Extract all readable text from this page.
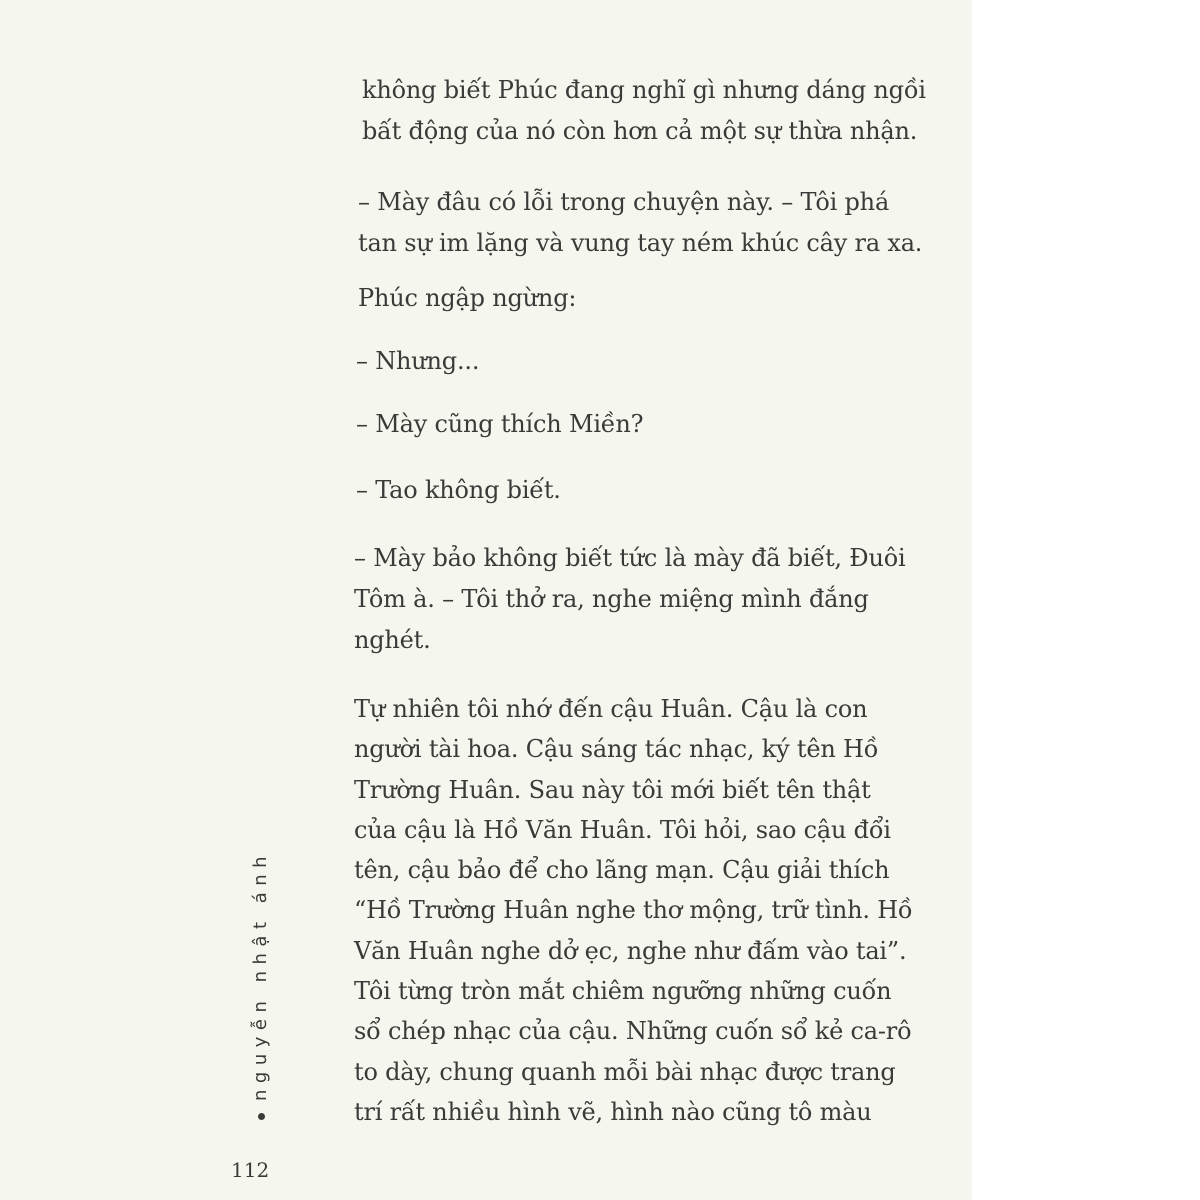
không biết Phúc đang nghĩ gì nhưng dáng ngồi
bất động của nó còn hơn cả một sự thừa nhận.

– Mày đâu có lỗi trong chuyện này. – Tôi phá
tan sự im lặng và vung tay ném khúc cây ra xa.

Phúc ngập ngừng:

– Nhưng...

– Mày cũng thích Miền?

– Tao không biết.

– Mày bảo không biết tức là mày đã biết, Đuôi
Tôm à. – Tôi thở ra, nghe miệng mình đắng
nghét.

Tự nhiên tôi nhớ đến cậu Huân. Cậu là con
người tài hoa. Cậu sáng tác nhạc, ký tên Hồ
Trường Huân. Sau này tôi mới biết tên thật
của cậu là Hồ Văn Huân. Tôi hỏi, sao cậu đổi
tên, cậu bảo để cho lãng mạn. Cậu giải thích
“Hồ Trường Huân nghe thơ mộng, trữ tình. Hồ
Văn Huân nghe dở ẹc, nghe như đấm vào tai”.
Tôi từng tròn mắt chiêm ngưỡng những cuốn
sổ chép nhạc của cậu. Những cuốn sổ kẻ ca-rô
to dày, chung quanh mỗi bài nhạc được trang
trí rất nhiều hình vẽ, hình nào cũng tô màu

nguyễn nhật ánh
112
